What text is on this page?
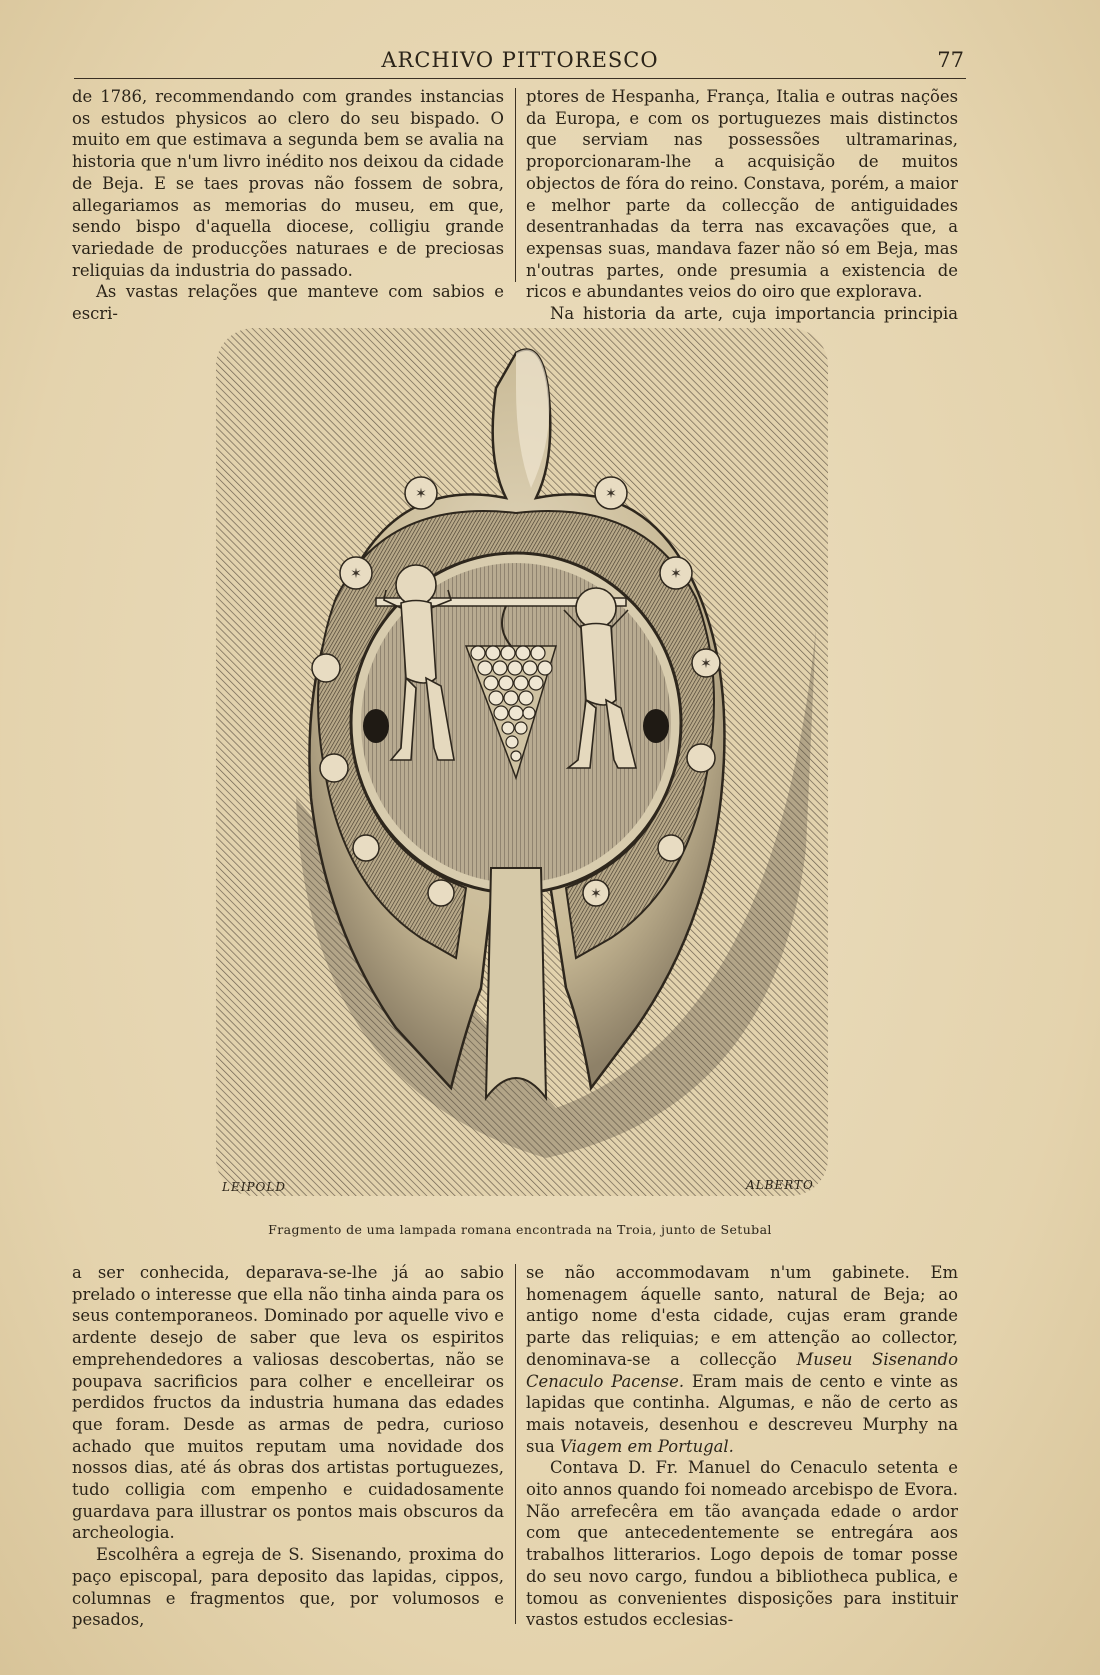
ARCHIVO PITTORESCO	77

de 1786, recommendando com grandes instancias os estudos physicos ao clero do seu bispado. O muito em que estimava a segunda bem se avalia na historia que n'um livro inédito nos deixou da cidade de Beja. E se taes provas não fossem de sobra, allegariamos as memorias do museu, em que, sendo bispo d'aquella diocese, colligiu grande variedade de producções naturaes e de preciosas reliquias da industria do passado.

As vastas relações que manteve com sabios e escri-

ptores de Hespanha, França, Italia e outras nações da Europa, e com os portuguezes mais distinctos que serviam nas possessões ultramarinas, proporcionaram-lhe a acquisição de muitos objectos de fóra do reino. Constava, porém, a maior e melhor parte da collecção de antiguidades desentranhadas da terra nas excavações que, a expensas suas, mandava fazer não só em Beja, mas n'outras partes, onde presumia a existencia de ricos e abundantes veios do oiro que explorava.

Na historia da arte, cuja importancia principia

✶	✶
✶	✶
✶
✶
LEIPOLD	ALBERTO
Fragmento de uma lampada romana encontrada na Troia, junto de Setubal

a ser conhecida, deparava-se-lhe já ao sabio prelado o interesse que ella não tinha ainda para os seus contemporaneos. Dominado por aquelle vivo e ardente desejo de saber que leva os espiritos emprehendedores a valiosas descobertas, não se poupava sacrificios para colher e encelleirar os perdidos fructos da industria humana das edades que foram. Desde as armas de pedra, curioso achado que muitos reputam uma novidade dos nossos dias, até ás obras dos artistas portuguezes, tudo colligia com empenho e cuidadosamente guardava para illustrar os pontos mais obscuros da archeologia.

Escolhêra a egreja de S. Sisenando, proxima do paço episcopal, para deposito das lapidas, cippos, columnas e fragmentos que, por volumosos e pesados,

se não accommodavam n'um gabinete. Em homenagem áquelle santo, natural de Beja; ao antigo nome d'esta cidade, cujas eram grande parte das reliquias; e em attenção ao collector, denominava-se a collecção Museu Sisenando Cenaculo Pacense. Eram mais de cento e vinte as lapidas que continha. Algumas, e não de certo as mais notaveis, desenhou e descreveu Murphy na sua Viagem em Portugal.

Contava D. Fr. Manuel do Cenaculo setenta e oito annos quando foi nomeado arcebispo de Evora. Não arrefecêra em tão avançada edade o ardor com que antecedentemente se entregára aos trabalhos litterarios. Logo depois de tomar posse do seu novo cargo, fundou a bibliotheca publica, e tomou as convenientes disposições para instituir vastos estudos ecclesias-
